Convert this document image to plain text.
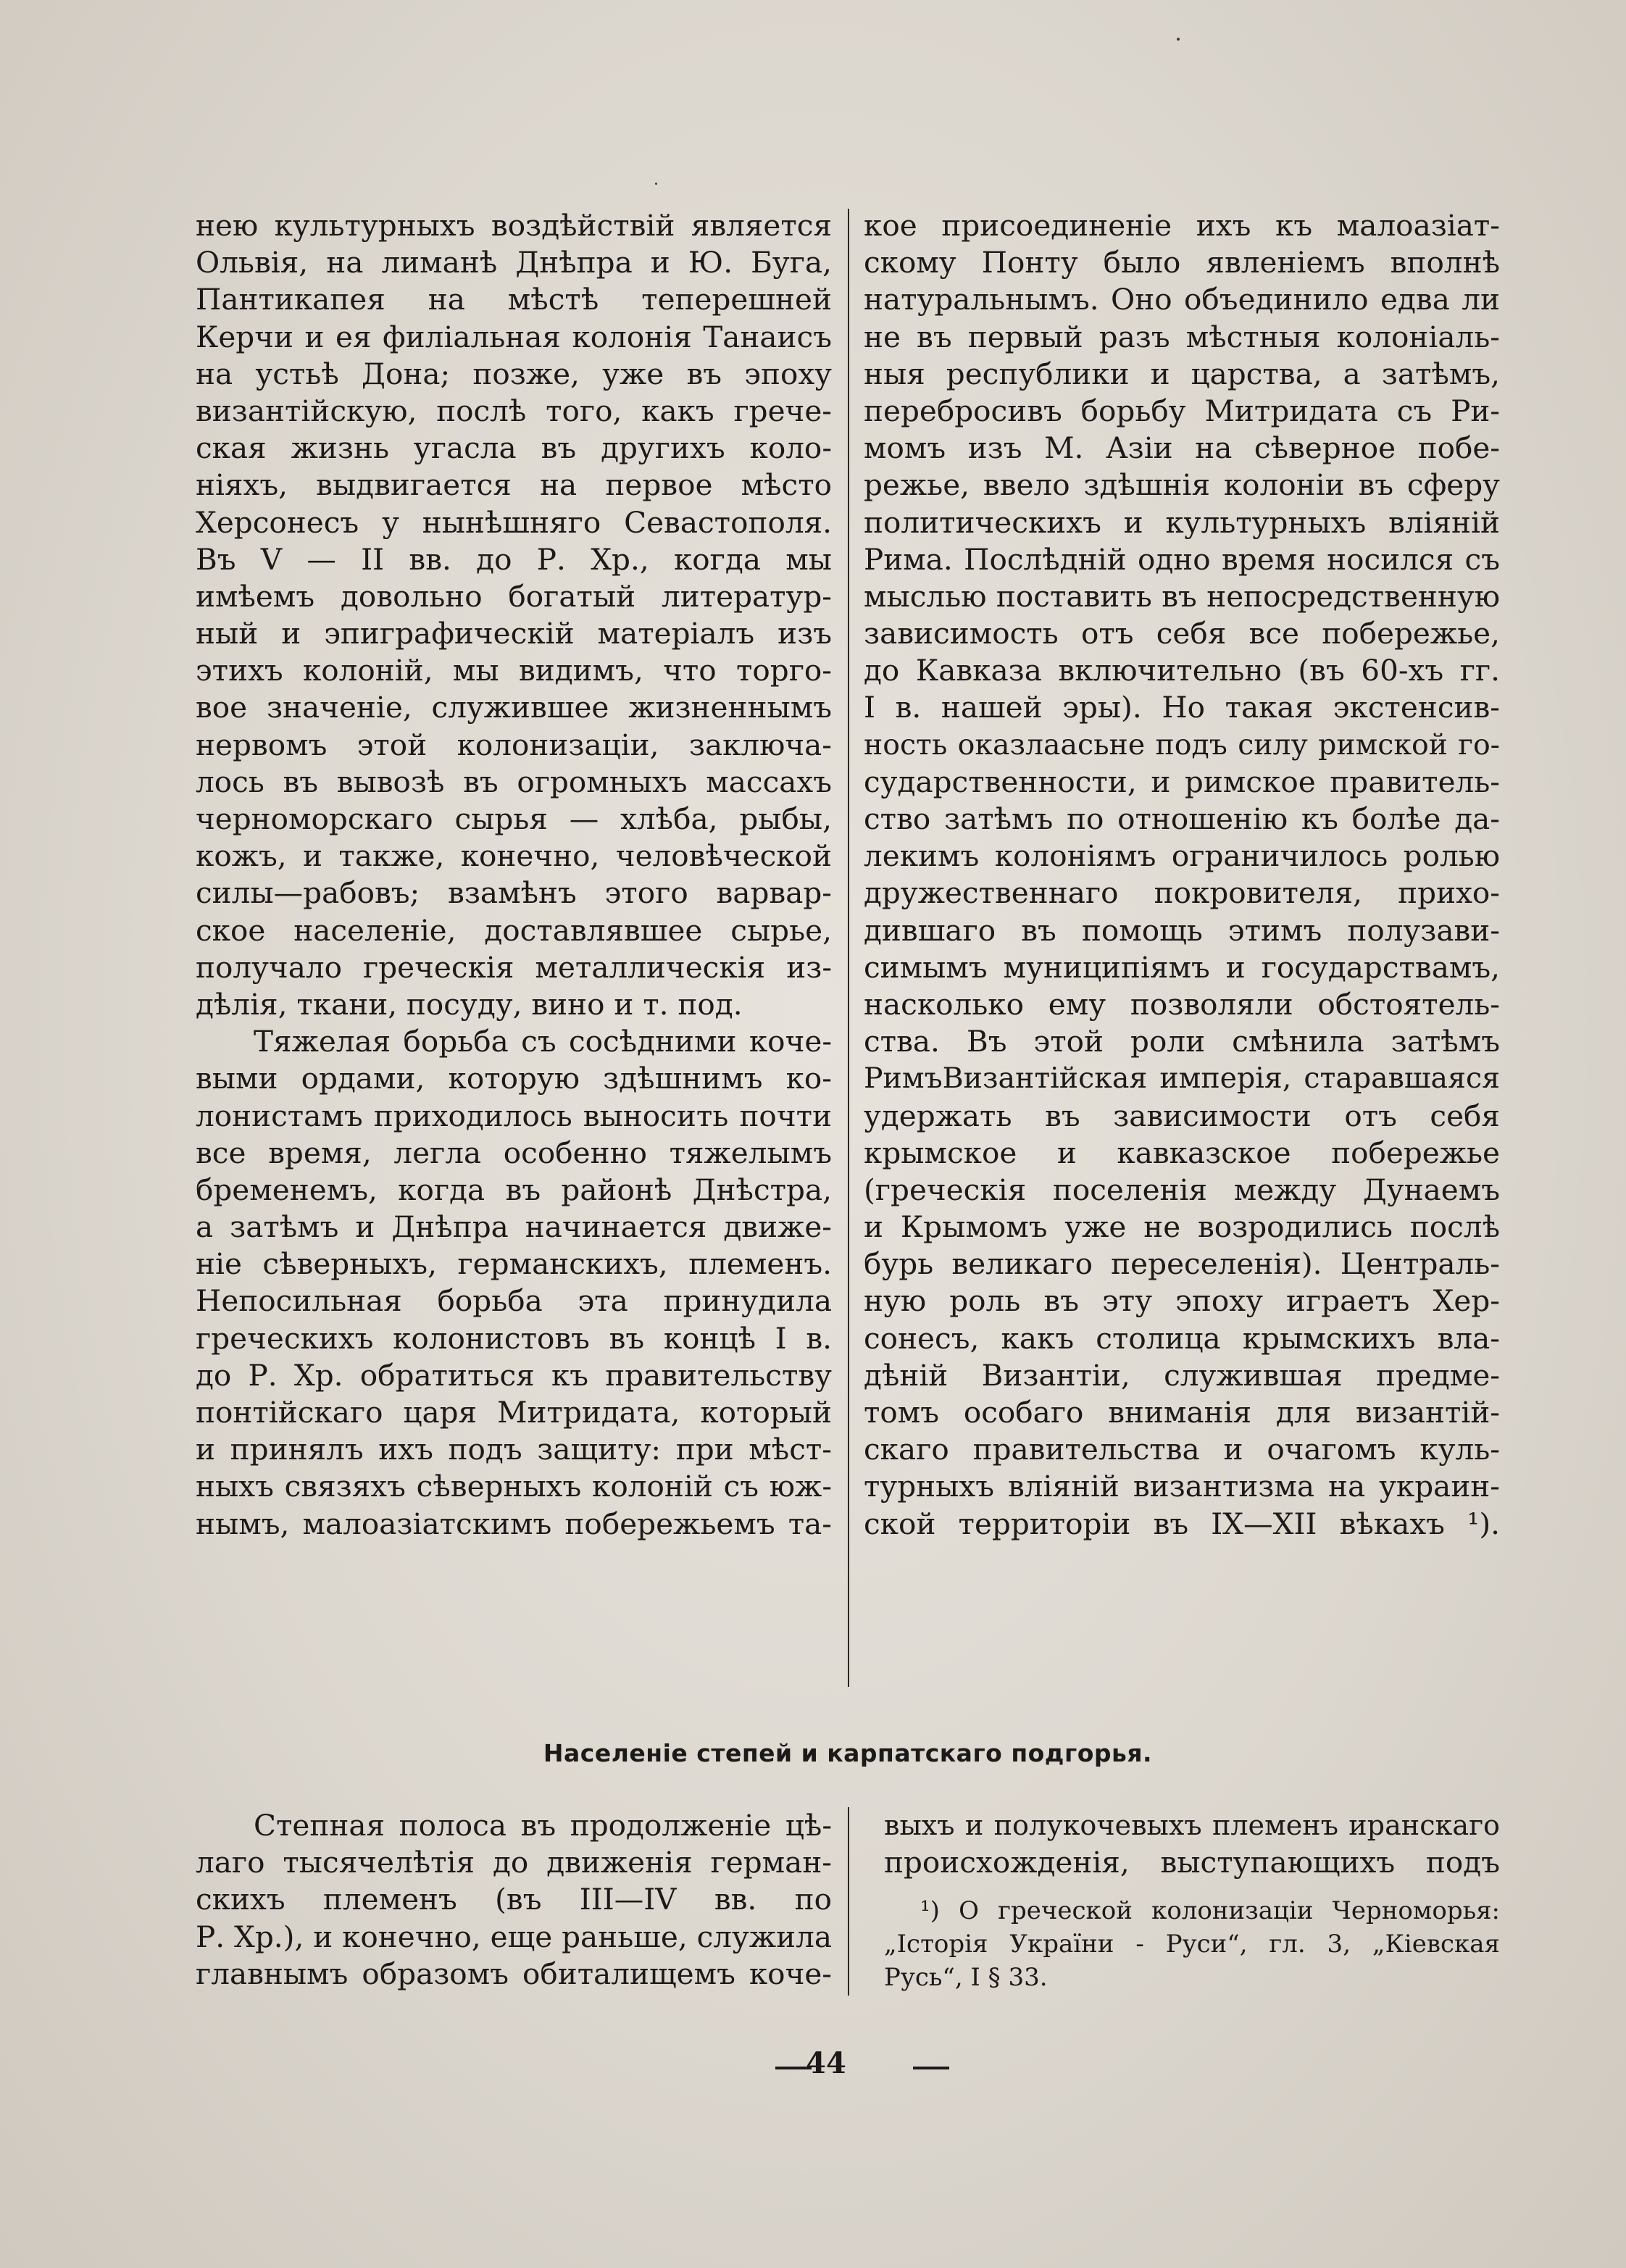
нею культурныхъ воздѣйствій является
Ольвія, на лиманѣ Днѣпра и Ю. Буга,
Пантикапея на мѣстѣ теперешней
Керчи и ея филіальная колонія Танаисъ
на устьѣ Дона; позже, уже въ эпоху
византійскую, послѣ того, какъ грече-
ская жизнь угасла въ другихъ коло-
ніяхъ, выдвигается на первое мѣсто
Херсонесъ у нынѣшняго Севастополя.
Въ V — II вв. до Р. Хр., когда мы
имѣемъ довольно богатый литератур-
ный и эпиграфическій матеріалъ изъ
этихъ колоній, мы видимъ, что торго-
вое значеніе, служившее жизненнымъ
нервомъ этой колонизаціи, заключа-
лось въ вывозѣ въ огромныхъ массахъ
черноморскаго сырья — хлѣба, рыбы,
кожъ, и также, конечно, человѣческой
силы—рабовъ; взамѣнъ этого варвар-
ское населеніе, доставлявшее сырье,
получало греческія металлическія из-
дѣлія, ткани, посуду, вино и т. под.
Тяжелая борьба съ сосѣдними коче-
выми ордами, которую здѣшнимъ ко-
лонистамъ приходилось выносить почти
все время, легла особенно тяжелымъ
бременемъ, когда въ районѣ Днѣстра,
а затѣмъ и Днѣпра начинается движе-
ніе сѣверныхъ, германскихъ, племенъ.
Непосильная борьба эта принудила
греческихъ колонистовъ въ концѣ I в.
до Р. Хр. обратиться къ правительству
понтійскаго царя Митридата, который
и принялъ ихъ подъ защиту: при мѣст-
ныхъ связяхъ сѣверныхъ колоній съ юж-
нымъ, малоазіатскимъ побережьемъ та-
кое присоединеніе ихъ къ малоазіат-
скому Понту было явленіемъ вполнѣ
натуральнымъ. Оно объединило едва ли
не въ первый разъ мѣстныя колоніаль-
ныя республики и царства, а затѣмъ,
перебросивъ борьбу Митридата съ Ри-
момъ изъ М. Азіи на сѣверное побе-
режье, ввело здѣшнія колоніи въ сферу
политическихъ и культурныхъ вліяній
Рима. Послѣдній одно время носился съ
мыслью поставить въ непосредственную
зависимость отъ себя все побережье,
до Кавказа включительно (въ 60-хъ гг.
I в. нашей эры). Но такая экстенсив-
ность оказлаасьне подъ силу римской го-
сударственности, и римское правитель-
ство затѣмъ по отношенію къ болѣе да-
лекимъ колоніямъ ограничилось ролью
дружественнаго покровителя, прихо-
дившаго въ помощь этимъ полузави-
симымъ муниципіямъ и государствамъ,
насколько ему позволяли обстоятель-
ства. Въ этой роли смѣнила затѣмъ
РимъВизантійская имперія, старавшаяся
удержать въ зависимости отъ себя
крымское и кавказское побережье
(греческія поселенія между Дунаемъ
и Крымомъ уже не возродились послѣ
бурь великаго переселенія). Централь-
ную роль въ эту эпоху играетъ Хер-
сонесъ, какъ столица крымскихъ вла-
дѣній Византіи, служившая предме-
томъ особаго вниманія для византій-
скаго правительства и очагомъ куль-
турныхъ вліяній византизма на украин-
ской территоріи въ IX—XII вѣкахъ ¹).
Населеніе степей и карпатскаго подгорья.
Степная полоса въ продолженіе цѣ-
лаго тысячелѣтія до движенія герман-
скихъ племенъ (въ III—IV вв. по
Р. Хр.), и конечно, еще раньше, служила
главнымъ образомъ обиталищемъ коче-
выхъ и полукочевыхъ племенъ иранскаго
происхожденія, выступающихъ подъ
¹) О греческой колонизаціи Черноморья:
„Історія України - Руси“, гл. 3, „Кіевская
Русь“, I § 33.
44
